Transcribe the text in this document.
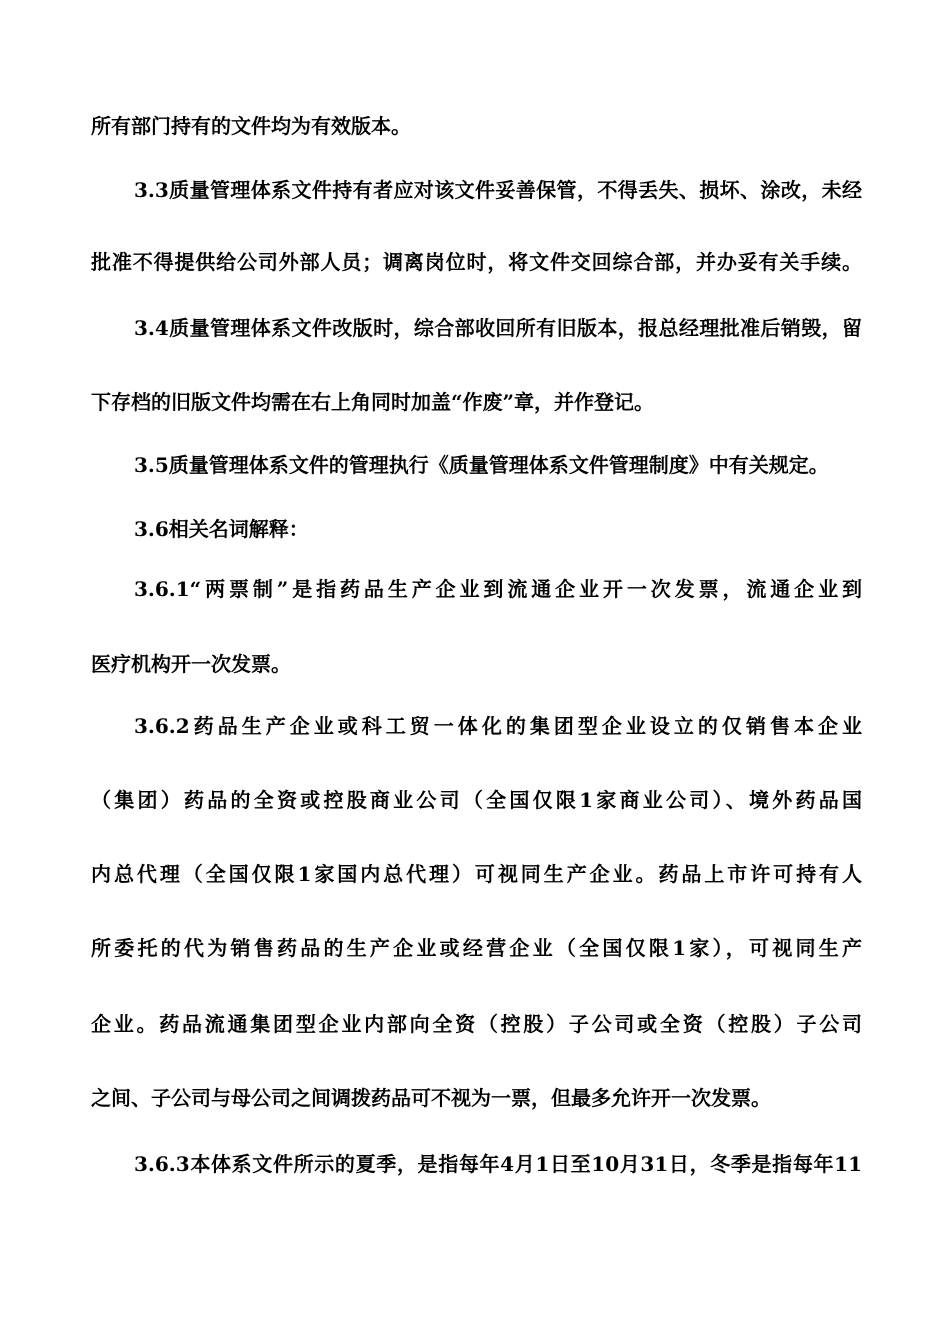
所有部门持有的文件均为有效版本。
3.3质量管理体系文件持有者应对该文件妥善保管，不得丢失、损坏、涂改，未经
批准不得提供给公司外部人员；调离岗位时，将文件交回综合部，并办妥有关手续。
3.4质量管理体系文件改版时，综合部收回所有旧版本，报总经理批准后销毁，留
下存档的旧版文件均需在右上角同时加盖“作废”章，并作登记。
3.5质量管理体系文件的管理执行《质量管理体系文件管理制度》中有关规定。
3.6相关名词解释：
3.6.1“两票制”是指药品生产企业到流通企业开一次发票，流通企业到
医疗机构开一次发票。
3.6.2药品生产企业或科工贸一体化的集团型企业设立的仅销售本企业
（集团）药品的全资或控股商业公司（全国仅限1家商业公司）、境外药品国
内总代理（全国仅限1家国内总代理）可视同生产企业。药品上市许可持有人
所委托的代为销售药品的生产企业或经营企业（全国仅限1家），可视同生产
企业。药品流通集团型企业内部向全资（控股）子公司或全资（控股）子公司
之间、子公司与母公司之间调拨药品可不视为一票，但最多允许开一次发票。
3.6.3本体系文件所示的夏季，是指每年4月1日至10月31日，冬季是指每年11
